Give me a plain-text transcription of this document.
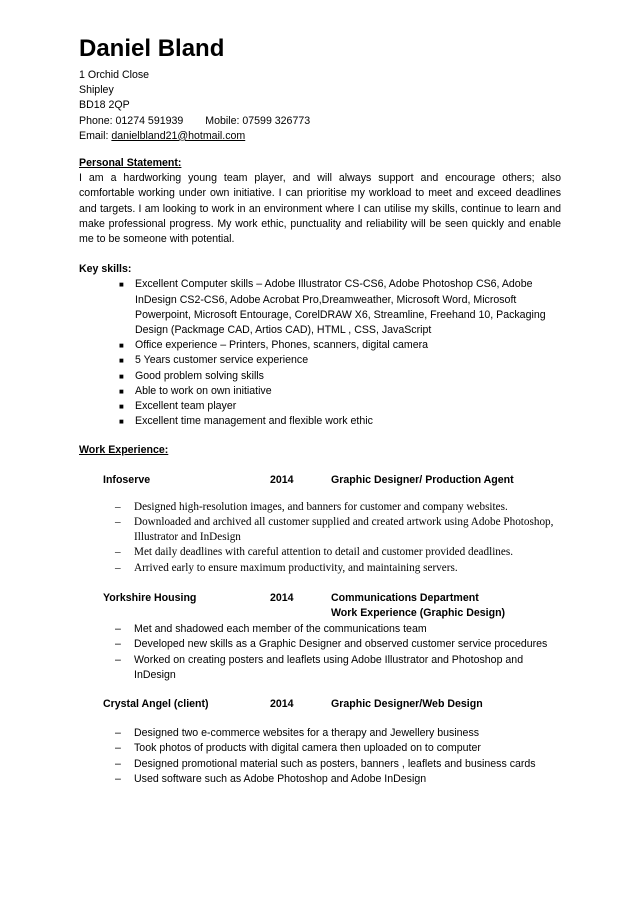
Daniel Bland
1 Orchid Close
Shipley
BD18 2QP
Phone: 01274 591939 Mobile: 07599 326773
Email: danielbland21@hotmail.com
Personal Statement:
I am a hardworking young team player, and will always support and encourage others; also comfortable working under own initiative. I can prioritise my workload to meet and exceed deadlines and targets. I am looking to work in an environment where I can utilise my skills, continue to learn and make professional progress. My work ethic, punctuality and reliability will be seen quickly and enable me to be someone with potential.
Key skills:
■ Excellent Computer skills – Adobe Illustrator CS-CS6, Adobe Photoshop CS6, Adobe InDesign CS2-CS6, Adobe Acrobat Pro,Dreamweather, Microsoft Word, Microsoft Powerpoint, Microsoft Entourage, CorelDRAW X6, Streamline, Freehand 10, Packaging Design (Packmage CAD, Artios CAD), HTML , CSS, JavaScript
■ Office experience – Printers, Phones, scanners, digital camera
■ 5 Years customer service experience
■ Good problem solving skills
■ Able to work on own initiative
■ Excellent team player
■ Excellent time management and flexible work ethic
Work Experience:
Infoserve	2014	Graphic Designer/ Production Agent
– Designed high-resolution images, and banners for customer and company websites.
– Downloaded and archived all customer supplied and created artwork using Adobe Photoshop, Illustrator and InDesign
– Met daily deadlines with careful attention to detail and customer provided deadlines.
– Arrived early to ensure maximum productivity, and maintaining servers.
Yorkshire Housing	2014	Communications Department
Work Experience (Graphic Design)
– Met and shadowed each member of the communications team
– Developed new skills as a Graphic Designer and observed customer service procedures
– Worked on creating posters and leaflets using Adobe Illustrator and Photoshop and InDesign
Crystal Angel (client)	2014	Graphic Designer/Web Design
– Designed two e-commerce websites for a therapy and Jewellery business
– Took photos of products with digital camera then uploaded on to computer
– Designed promotional material such as posters, banners , leaflets and business cards
– Used software such as Adobe Photoshop and Adobe InDesign
